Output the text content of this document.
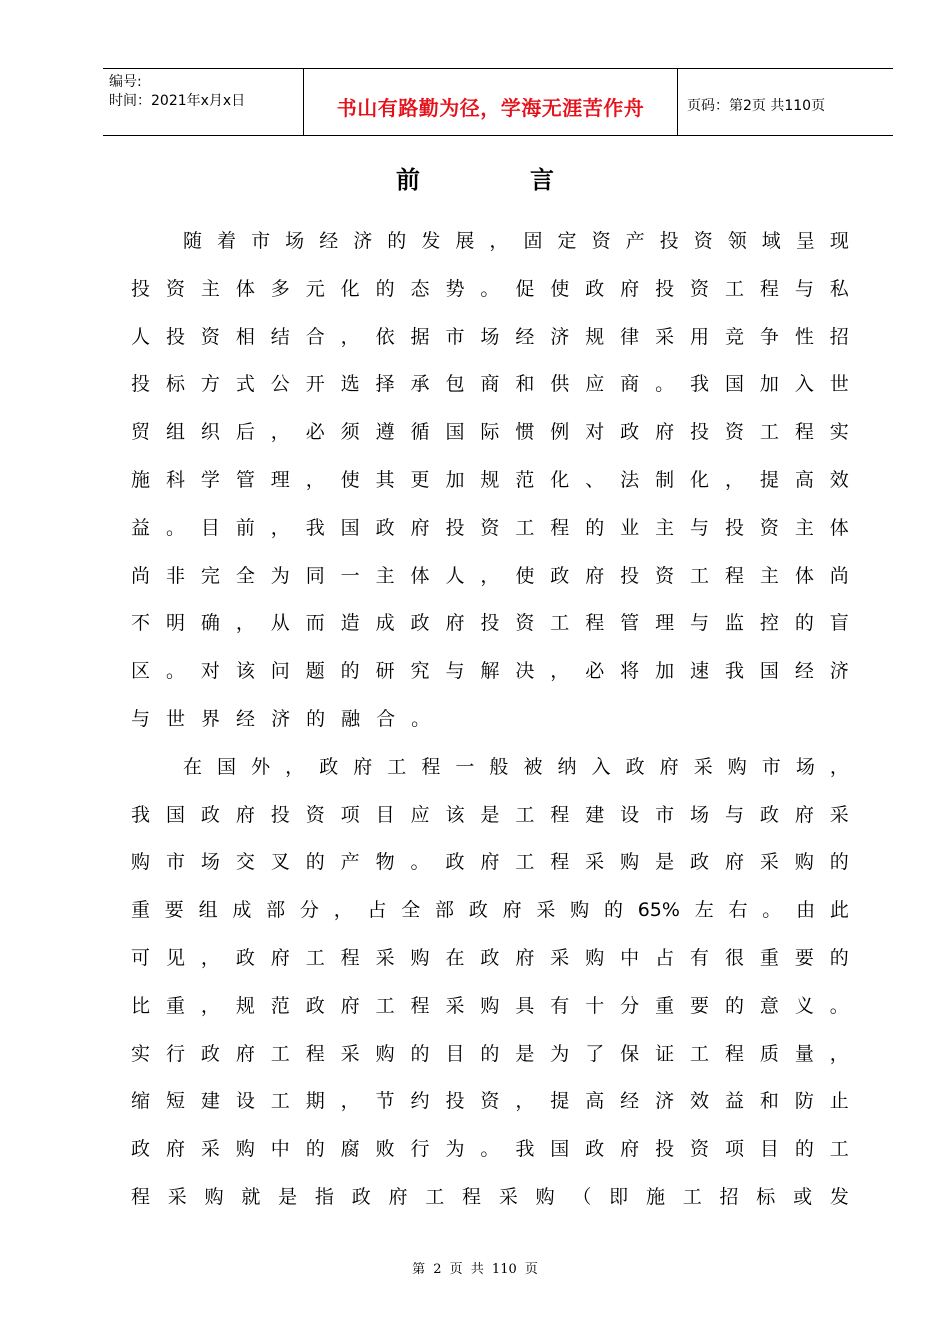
编号:
时间：2021年x月x日	书山有路勤为径，学海无涯苦作舟	页码：第2页 共110页
前言
随 着 市 场 经 济 的 发 展 ， 固 定 资 产 投 资 领 域 呈 现
投 资 主 体 多 元 化 的 态 势 。 促 使 政 府 投 资 工 程 与 私
人 投 资 相 结 合 ， 依 据 市 场 经 济 规 律 采 用 竞 争 性 招
投 标 方 式 公 开 选 择 承 包 商 和 供 应 商 。 我 国 加 入 世
贸 组 织 后 ， 必 须 遵 循 国 际 惯 例 对 政 府 投 资 工 程 实
施 科 学 管 理 ， 使 其 更 加 规 范 化 、 法 制 化 ， 提 高 效
益 。 目 前 ， 我 国 政 府 投 资 工 程 的 业 主 与 投 资 主 体
尚 非 完 全 为 同 一 主 体 人 ， 使 政 府 投 资 工 程 主 体 尚
不 明 确 ， 从 而 造 成 政 府 投 资 工 程 管 理 与 监 控 的 盲
区 。 对 该 问 题 的 研 究 与 解 决 ， 必 将 加 速 我 国 经 济
与 世 界 经 济 的 融 合 。
在 国 外 ， 政 府 工 程 一 般 被 纳 入 政 府 采 购 市 场 ，
我 国 政 府 投 资 项 目 应 该 是 工 程 建 设 市 场 与 政 府 采
购 市 场 交 叉 的 产 物 。 政 府 工 程 采 购 是 政 府 采 购 的
重 要 组 成 部 分 ， 占 全 部 政 府 采 购 的 65% 左 右 。 由 此
可 见 ， 政 府 工 程 采 购 在 政 府 采 购 中 占 有 很 重 要 的
比 重 ， 规 范 政 府 工 程 采 购 具 有 十 分 重 要 的 意 义 。
实 行 政 府 工 程 采 购 的 目 的 是 为 了 保 证 工 程 质 量 ，
缩 短 建 设 工 期 ， 节 约 投 资 ， 提 高 经 济 效 益 和 防 止
政 府 采 购 中 的 腐 败 行 为 。 我 国 政 府 投 资 项 目 的 工
程 采 购 就 是 指 政 府 工 程 采 购 （ 即 施 工 招 标 或 发
第 2 页 共 110 页
